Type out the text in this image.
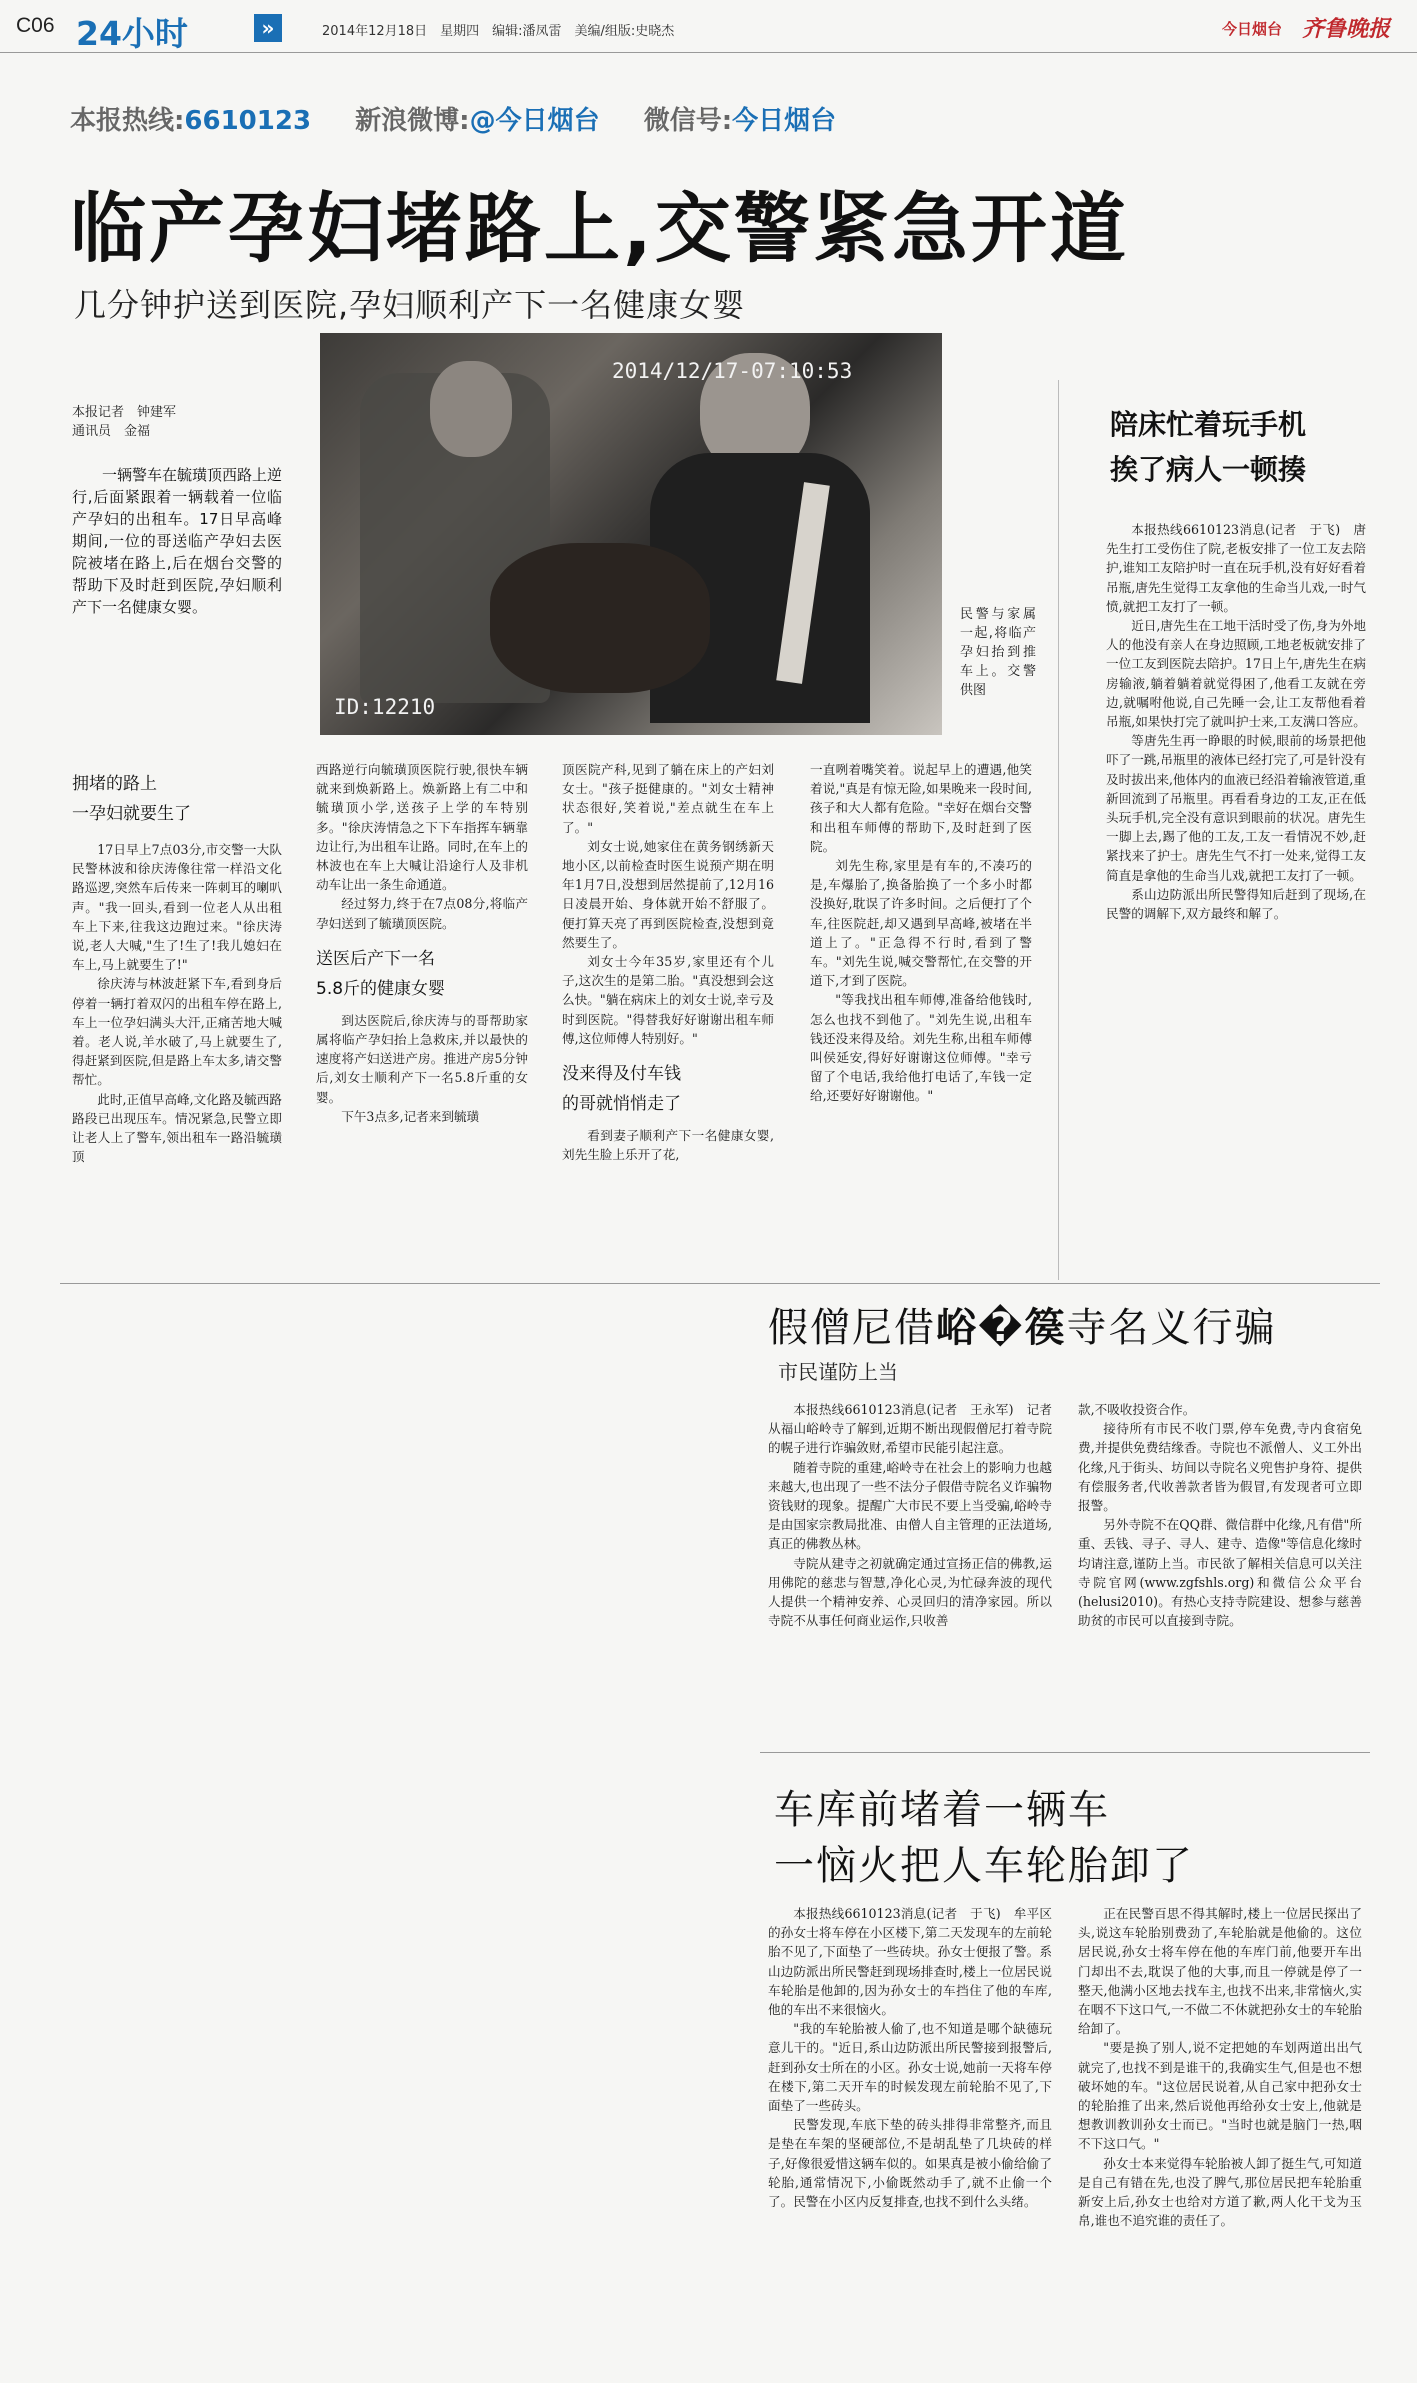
C06 24小时	»	2014年12月18日　星期四　编辑:潘凤雷　美编/组版:史晓杰	今日烟台 齐鲁晚报
本报热线:6610123 新浪微博:@今日烟台 微信号:今日烟台
临产孕妇堵路上,交警紧急开道
几分钟护送到医院,孕妇顺利产下一名健康女婴
本报记者　钟建军
通讯员　金福

一辆警车在毓璜顶西路上逆行,后面紧跟着一辆载着一位临产孕妇的出租车。17日早高峰期间,一位的哥送临产孕妇去医院被堵在路上,后在烟台交警的帮助下及时赶到医院,孕妇顺利产下一名健康女婴。

2014/12/17-07:10:53
ID:12210

民警与家属一起,将临产孕妇抬到推车上。交警供图

拥堵的路上
一孕妇就要生了

17日早上7点03分,市交警一大队民警林波和徐庆涛像往常一样沿文化路巡逻,突然车后传来一阵刺耳的喇叭声。"我一回头,看到一位老人从出租车上下来,往我这边跑过来。"徐庆涛说,老人大喊,"生了!生了!我儿媳妇在车上,马上就要生了!"

徐庆涛与林波赶紧下车,看到身后停着一辆打着双闪的出租车停在路上,车上一位孕妇满头大汗,正痛苦地大喊着。老人说,羊水破了,马上就要生了,得赶紧到医院,但是路上车太多,请交警帮忙。

此时,正值早高峰,文化路及毓西路路段已出现压车。情况紧急,民警立即让老人上了警车,领出租车一路沿毓璜顶

西路逆行向毓璜顶医院行驶,很快车辆就来到焕新路上。焕新路上有二中和毓璜顶小学,送孩子上学的车特别多。"徐庆涛情急之下下车指挥车辆靠边让行,为出租车让路。同时,在车上的林波也在车上大喊让沿途行人及非机动车让出一条生命通道。

经过努力,终于在7点08分,将临产孕妇送到了毓璜顶医院。

送医后产下一名
5.8斤的健康女婴

到达医院后,徐庆涛与的哥帮助家属将临产孕妇抬上急救床,并以最快的速度将产妇送进产房。推进产房5分钟后,刘女士顺利产下一名5.8斤重的女婴。

下午3点多,记者来到毓璜

顶医院产科,见到了躺在床上的产妇刘女士。"孩子挺健康的。"刘女士精神状态很好,笑着说,"差点就生在车上了。"

刘女士说,她家住在黄务钢绣新天地小区,以前检查时医生说预产期在明年1月7日,没想到居然提前了,12月16日凌晨开始、身体就开始不舒服了。便打算天亮了再到医院检查,没想到竟然要生了。

刘女士今年35岁,家里还有个儿子,这次生的是第二胎。"真没想到会这么快。"躺在病床上的刘女士说,幸亏及时到医院。"得替我好好谢谢出租车师傅,这位师傅人特别好。"

没来得及付车钱
的哥就悄悄走了

看到妻子顺利产下一名健康女婴,刘先生脸上乐开了花,

一直咧着嘴笑着。说起早上的遭遇,他笑着说,"真是有惊无险,如果晚来一段时间,孩子和大人都有危险。"幸好在烟台交警和出租车师傅的帮助下,及时赶到了医院。

刘先生称,家里是有车的,不凑巧的是,车爆胎了,换备胎换了一个多小时都没换好,耽误了许多时间。之后便打了个车,往医院赶,却又遇到早高峰,被堵在半道上了。"正急得不行时,看到了警车。"刘先生说,喊交警帮忙,在交警的开道下,才到了医院。

"等我找出租车师傅,准备给他钱时,怎么也找不到他了。"刘先生说,出租车钱还没来得及给。刘先生称,出租车师傅叫侯延安,得好好谢谢这位师傅。"幸亏留了个电话,我给他打电话了,车钱一定给,还要好好谢谢他。"

陪床忙着玩手机
挨了病人一顿揍

本报热线6610123消息(记者　于飞)　唐先生打工受伤住了院,老板安排了一位工友去陪护,谁知工友陪护时一直在玩手机,没有好好看着吊瓶,唐先生觉得工友拿他的生命当儿戏,一时气愤,就把工友打了一顿。

近日,唐先生在工地干活时受了伤,身为外地人的他没有亲人在身边照顾,工地老板就安排了一位工友到医院去陪护。17日上午,唐先生在病房输液,躺着躺着就觉得困了,他看工友就在旁边,就嘱咐他说,自己先睡一会,让工友帮他看着吊瓶,如果快打完了就叫护士来,工友满口答应。

等唐先生再一睁眼的时候,眼前的场景把他吓了一跳,吊瓶里的液体已经打完了,可是针没有及时拔出来,他体内的血液已经沿着输液管道,重新回流到了吊瓶里。再看看身边的工友,正在低头玩手机,完全没有意识到眼前的状况。唐先生一脚上去,踢了他的工友,工友一看情况不妙,赶紧找来了护士。唐先生气不打一处来,觉得工友简直是拿他的生命当儿戏,就把工友打了一顿。

系山边防派出所民警得知后赶到了现场,在民警的调解下,双方最终和解了。

假僧尼借峪�篌寺名义行骗
市民谨防上当

本报热线6610123消息(记者　王永军)　记者从福山峪岭寺了解到,近期不断出现假僧尼打着寺院的幌子进行诈骗敛财,希望市民能引起注意。

随着寺院的重建,峪岭寺在社会上的影响力也越来越大,也出现了一些不法分子假借寺院名义诈骗物资钱财的现象。提醒广大市民不要上当受骗,峪岭寺是由国家宗教局批准、由僧人自主管理的正法道场,真正的佛教丛林。

寺院从建寺之初就确定通过宣扬正信的佛教,运用佛陀的慈悲与智慧,净化心灵,为忙碌奔波的现代人提供一个精神安养、心灵回归的清净家园。所以寺院不从事任何商业运作,只收善

款,不吸收投资合作。

接待所有市民不收门票,停车免费,寺内食宿免费,并提供免费结缘香。寺院也不派僧人、义工外出化缘,凡于街头、坊间以寺院名义兜售护身符、提供有偿服务者,代收善款者皆为假冒,有发现者可立即报警。

另外寺院不在QQ群、微信群中化缘,凡有借"所重、丢钱、寻子、寻人、建寺、造像"等信息化缘时均请注意,谨防上当。市民欲了解相关信息可以关注寺院官网(www.zgfshls.org)和微信公众平台(helusi2010)。有热心支持寺院建设、想参与慈善助贫的市民可以直接到寺院。

车库前堵着一辆车
一恼火把人车轮胎卸了

本报热线6610123消息(记者　于飞)　牟平区的孙女士将车停在小区楼下,第二天发现车的左前轮胎不见了,下面垫了一些砖块。孙女士便报了警。系山边防派出所民警赶到现场排查时,楼上一位居民说车轮胎是他卸的,因为孙女士的车挡住了他的车库,他的车出不来很恼火。

"我的车轮胎被人偷了,也不知道是哪个缺德玩意儿干的。"近日,系山边防派出所民警接到报警后,赶到孙女士所在的小区。孙女士说,她前一天将车停在楼下,第二天开车的时候发现左前轮胎不见了,下面垫了一些砖头。

民警发现,车底下垫的砖头排得非常整齐,而且是垫在车架的坚硬部位,不是胡乱垫了几块砖的样子,好像很爱惜这辆车似的。如果真是被小偷给偷了轮胎,通常情况下,小偷既然动手了,就不止偷一个了。民警在小区内反复排查,也找不到什么头绪。

正在民警百思不得其解时,楼上一位居民探出了头,说这车轮胎别费劲了,车轮胎就是他偷的。这位居民说,孙女士将车停在他的车库门前,他要开车出门却出不去,耽误了他的大事,而且一停就是停了一整天,他满小区地去找车主,也找不出来,非常恼火,实在咽不下这口气,一不做二不休就把孙女士的车轮胎给卸了。

"要是换了别人,说不定把她的车划两道出出气就完了,也找不到是谁干的,我确实生气,但是也不想破坏她的车。"这位居民说着,从自己家中把孙女士的轮胎推了出来,然后说他再给孙女士安上,他就是想教训教训孙女士而已。"当时也就是脑门一热,咽不下这口气。"

孙女士本来觉得车轮胎被人卸了挺生气,可知道是自己有错在先,也没了脾气,那位居民把车轮胎重新安上后,孙女士也给对方道了歉,两人化干戈为玉帛,谁也不追究谁的责任了。
